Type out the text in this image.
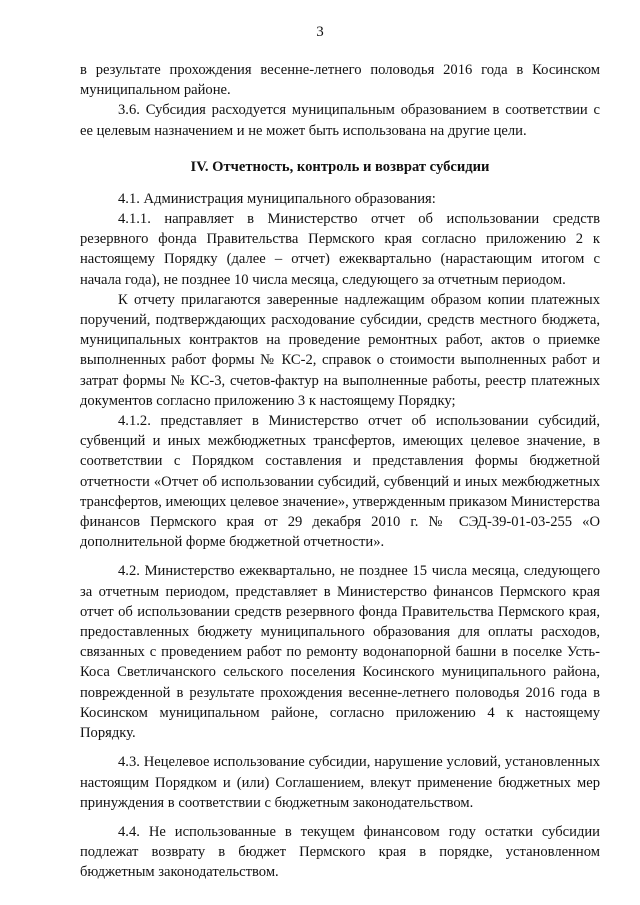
3

в результате прохождения весенне-летнего половодья 2016 года в Косинском муниципальном районе.

3.6. Субсидия расходуется муниципальным образованием в соответствии с ее целевым назначением и не может быть использована на другие цели.

IV. Отчетность, контроль и возврат субсидии

4.1. Администрация муниципального образования:

4.1.1. направляет в Министерство отчет об использовании средств резервного фонда Правительства Пермского края согласно приложению 2 к настоящему Порядку (далее – отчет) ежеквартально (нарастающим итогом с начала года), не позднее 10 числа месяца, следующего за отчетным периодом.

К отчету прилагаются заверенные надлежащим образом копии платежных поручений, подтверждающих расходование субсидии, средств местного бюджета, муниципальных контрактов на проведение ремонтных работ, актов о приемке выполненных работ формы № КС-2, справок о стоимости выполненных работ и затрат формы № КС-3, счетов-фактур на выполненные работы, реестр платежных документов согласно приложению 3 к настоящему Порядку;

4.1.2. представляет в Министерство отчет об использовании субсидий, субвенций и иных межбюджетных трансфертов, имеющих целевое значение, в соответствии с Порядком составления и представления формы бюджетной отчетности «Отчет об использовании субсидий, субвенций и иных межбюджетных трансфертов, имеющих целевое значение», утвержденным приказом Министерства финансов Пермского края от 29 декабря 2010 г. № СЭД-39-01-03-255 «О дополнительной форме бюджетной отчетности».

4.2. Министерство ежеквартально, не позднее 15 числа месяца, следующего за отчетным периодом, представляет в Министерство финансов Пермского края отчет об использовании средств резервного фонда Правительства Пермского края, предоставленных бюджету муниципального образования для оплаты расходов, связанных с проведением работ по ремонту водонапорной башни в поселке Усть-Коса Светличанского сельского поселения Косинского муниципального района, поврежденной в результате прохождения весенне-летнего половодья 2016 года в Косинском муниципальном районе, согласно приложению 4 к настоящему Порядку.

4.3. Нецелевое использование субсидии, нарушение условий, установленных настоящим Порядком и (или) Соглашением, влекут применение бюджетных мер принуждения в соответствии с бюджетным законодательством.

4.4. Не использованные в текущем финансовом году остатки субсидии подлежат возврату в бюджет Пермского края в порядке, установленном бюджетным законодательством.
